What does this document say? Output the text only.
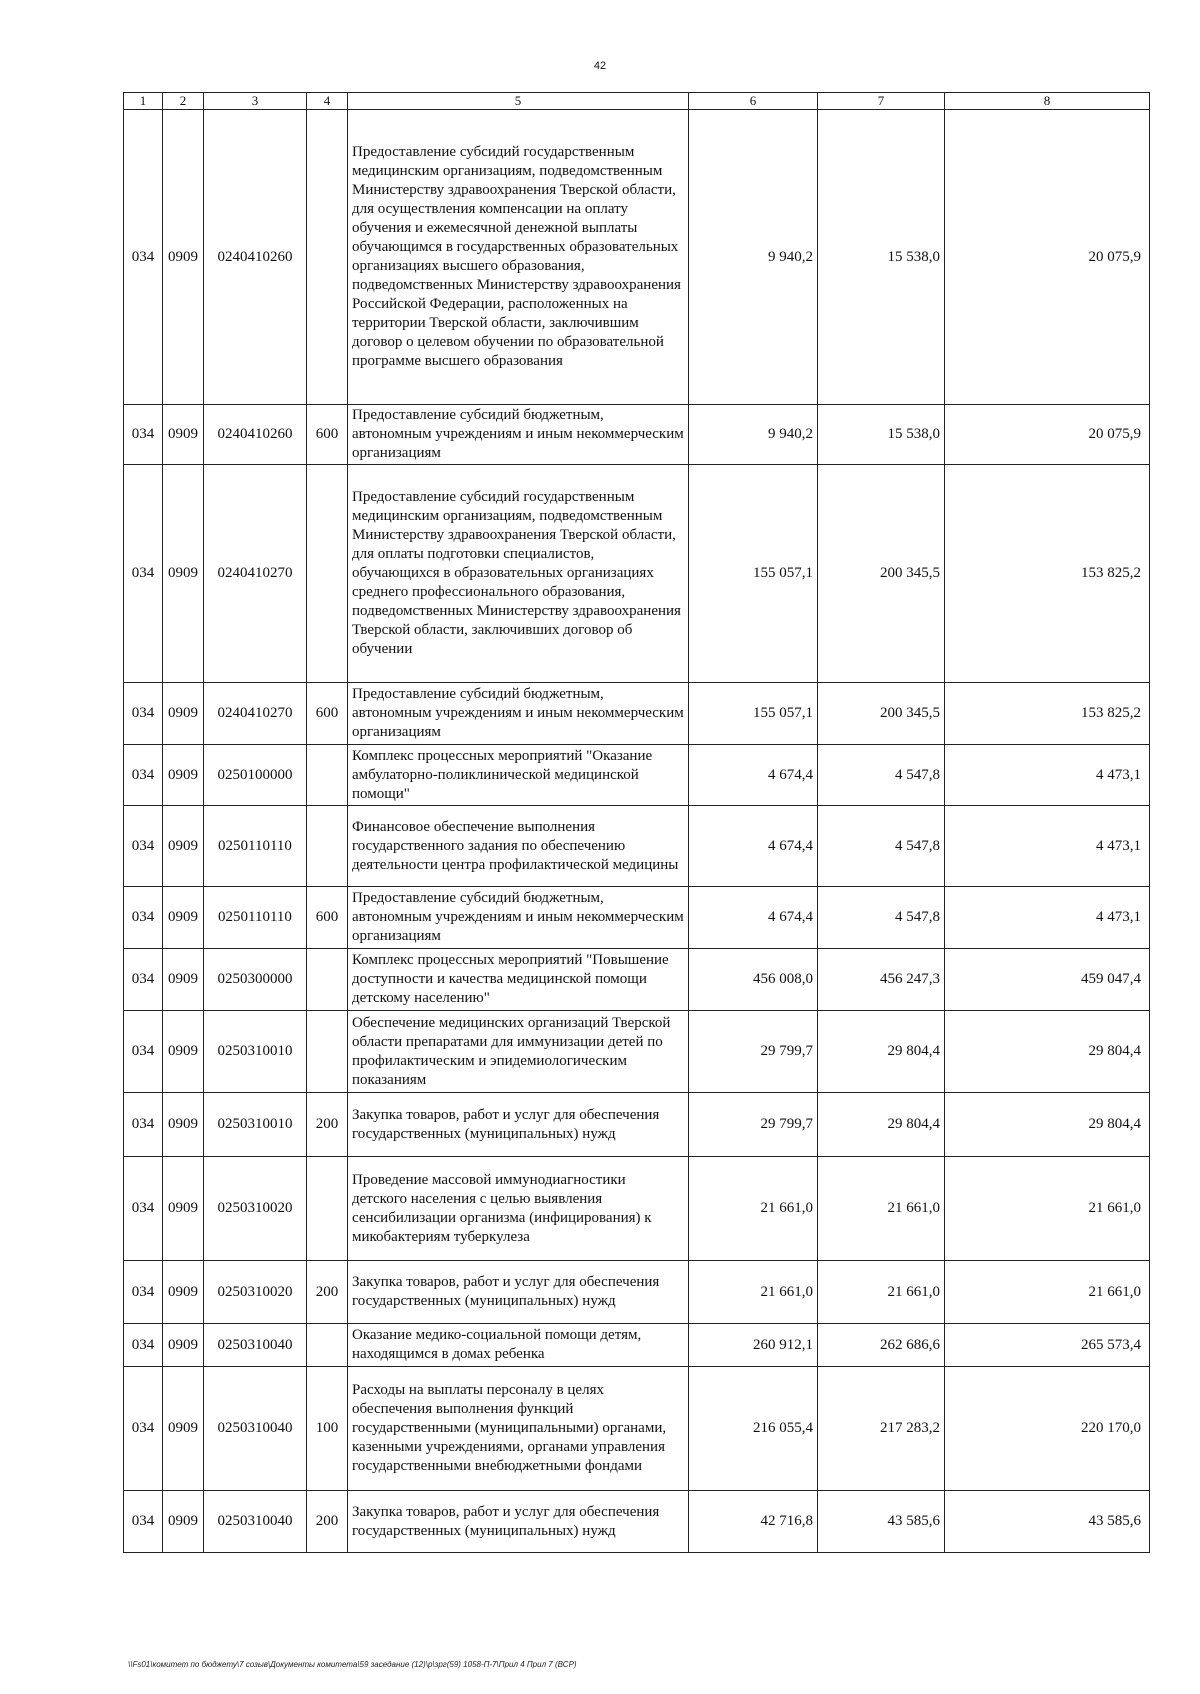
42
1	2	3	4	5	6	7	8
034	0909	0240410260		Предоставление субсидий государственным медицинским организациям, подведомственным Министерству здравоохранения Тверской области, для осуществления компенсации на оплату обучения и ежемесячной денежной выплаты обучающимся в государственных образовательных организациях высшего образования, подведомственных Министерству здравоохранения Российской Федерации, расположенных на территории Тверской области, заключившим договор о целевом обучении по образовательной программе высшего образования	9 940,2	15 538,0	20 075,9
034	0909	0240410260	600	Предоставление субсидий бюджетным, автономным учреждениям и иным некоммерческим организациям	9 940,2	15 538,0	20 075,9
034	0909	0240410270		Предоставление субсидий государственным медицинским организациям, подведомственным Министерству здравоохранения Тверской области, для оплаты подготовки специалистов, обучающихся в образовательных организациях среднего профессионального образования, подведомственных Министерству здравоохранения Тверской области, заключивших договор об обучении	155 057,1	200 345,5	153 825,2
034	0909	0240410270	600	Предоставление субсидий бюджетным, автономным учреждениям и иным некоммерческим организациям	155 057,1	200 345,5	153 825,2
034	0909	0250100000		Комплекс процессных мероприятий "Оказание амбулаторно-поликлинической медицинской помощи"	4 674,4	4 547,8	4 473,1
034	0909	0250110110		Финансовое обеспечение выполнения государственного задания по обеспечению деятельности центра профилактической медицины	4 674,4	4 547,8	4 473,1
034	0909	0250110110	600	Предоставление субсидий бюджетным, автономным учреждениям и иным некоммерческим организациям	4 674,4	4 547,8	4 473,1
034	0909	0250300000		Комплекс процессных мероприятий "Повышение доступности и качества медицинской помощи детскому населению"	456 008,0	456 247,3	459 047,4
034	0909	0250310010		Обеспечение медицинских организаций Тверской области препаратами для иммунизации детей по профилактическим и эпидемиологическим показаниям	29 799,7	29 804,4	29 804,4
034	0909	0250310010	200	Закупка товаров, работ и услуг для обеспечения государственных (муниципальных) нужд	29 799,7	29 804,4	29 804,4
034	0909	0250310020		Проведение массовой иммунодиагностики детского населения с целью выявления сенсибилизации организма (инфицирования) к микобактериям туберкулеза	21 661,0	21 661,0	21 661,0
034	0909	0250310020	200	Закупка товаров, работ и услуг для обеспечения государственных (муниципальных) нужд	21 661,0	21 661,0	21 661,0
034	0909	0250310040		Оказание медико-социальной помощи детям, находящимся в домах ребенка	260 912,1	262 686,6	265 573,4
034	0909	0250310040	100	Расходы на выплаты персоналу в целях обеспечения выполнения функций государственными (муниципальными) органами, казенными учреждениями, органами управления государственными внебюджетными фондами	216 055,4	217 283,2	220 170,0
034	0909	0250310040	200	Закупка товаров, работ и услуг для обеспечения государственных (муниципальных) нужд	42 716,8	43 585,6	43 585,6
\\Fs01\комитет по бюджету\7 созыв\Документы комитета\59 заседание (12)\р\зрг(59) 1058-П-7\Прил 4 Прил 7 (ВСР)
